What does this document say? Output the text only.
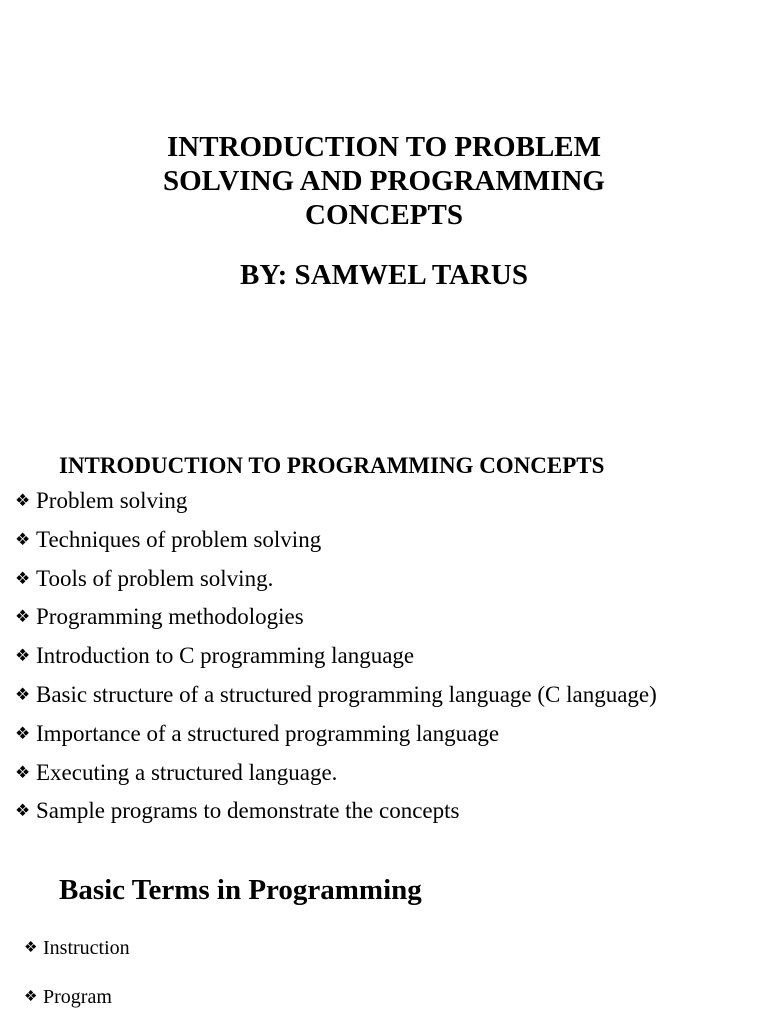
INTRODUCTION TO PROBLEM
SOLVING AND PROGRAMMING
CONCEPTS
BY: SAMWEL TARUS
INTRODUCTION TO PROGRAMMING CONCEPTS
❖ Problem solving
❖ Techniques of problem solving
❖ Tools of problem solving.
❖ Programming methodologies
❖ Introduction to C programming language
❖ Basic structure of a structured programming language (C language)
❖ Importance of a structured programming language
❖ Executing a structured language.
❖ Sample programs to demonstrate the concepts
Basic Terms in Programming
❖ Instruction
❖ Program
